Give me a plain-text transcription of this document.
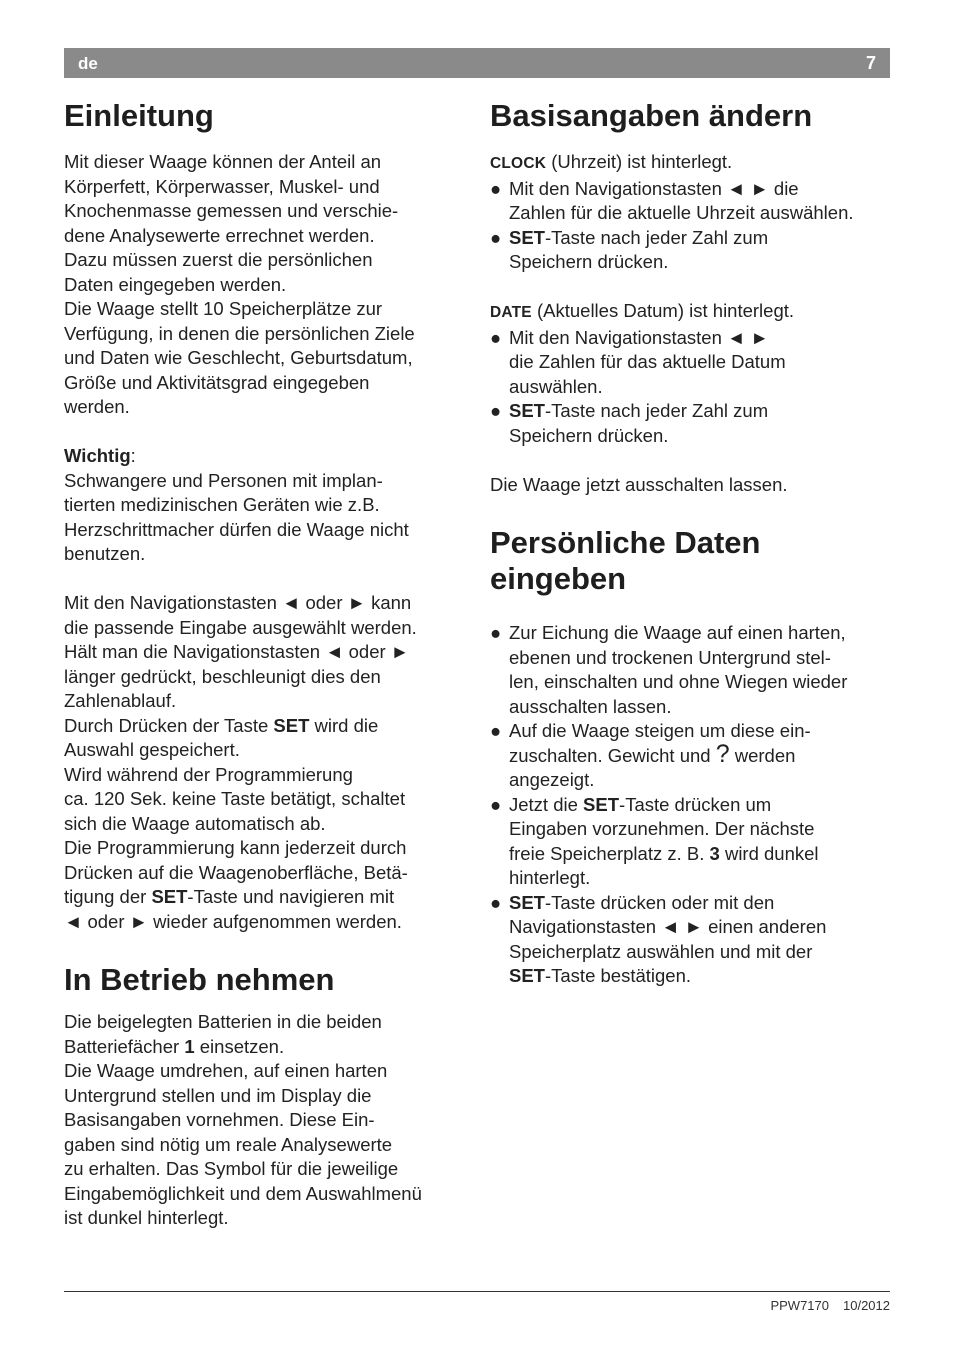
de	7
Einleitung

Mit dieser Waage können der Anteil an

Körperfett, Körperwasser, Muskel- und

Knochenmasse gemessen und verschie-

dene Analysewerte errechnet werden.

Dazu müssen zuerst die persönlichen

Daten eingegeben werden.

Die Waage stellt 10 Speicherplätze zur

Verfügung, in denen die persönlichen Ziele

und Daten wie Geschlecht, Geburtsdatum,

Größe und Aktivitätsgrad eingegeben

werden.

Wichtig:

Schwangere und Personen mit implan-

tierten medizinischen Geräten wie z.B.

Herzschrittmacher dürfen die Waage nicht

benutzen.

Mit den Navigationstasten ◄ oder ► kann

die passende Eingabe ausgewählt werden.

Hält man die Navigationstasten ◄ oder ►

länger gedrückt, beschleunigt dies den

Zahlenablauf.

Durch Drücken der Taste SET wird die

Auswahl gespeichert.

Wird während der Programmierung

ca. 120 Sek. keine Taste betätigt, schaltet

sich die Waage automatisch ab.

Die Programmierung kann jederzeit durch

Drücken auf die Waagenoberfläche, Betä-

tigung der SET-Taste und navigieren mit

◄ oder ► wieder aufgenommen werden.

In Betrieb nehmen

Die beigelegten Batterien in die beiden

Batteriefächer 1 einsetzen.

Die Waage umdrehen, auf einen harten

Untergrund stellen und im Display die

Basisangaben vornehmen. Diese Ein-

gaben sind nötig um reale Analysewerte

zu erhalten. Das Symbol für die jeweilige

Eingabemöglichkeit und dem Auswahlmenü

ist dunkel hinterlegt.

Basisangaben ändern

CLOCK (Uhrzeit) ist hinterlegt.

● Mit den Navigationstasten ◄ ► die

Zahlen für die aktuelle Uhrzeit auswählen.

● SET-Taste nach jeder Zahl zum

Speichern drücken.

DATE (Aktuelles Datum) ist hinterlegt.

● Mit den Navigationstasten ◄ ►

die Zahlen für das aktuelle Datum

auswählen.

● SET-Taste nach jeder Zahl zum

Speichern drücken.

Die Waage jetzt ausschalten lassen.

Persönliche Daten
eingeben
● Zur Eichung die Waage auf einen harten,

ebenen und trockenen Untergrund stel-

len, einschalten und ohne Wiegen wieder

ausschalten lassen.

● Auf die Waage steigen um diese ein-

zuschalten. Gewicht und ? werden

angezeigt.

● Jetzt die SET-Taste drücken um

Eingaben vorzunehmen. Der nächste

freie Speicherplatz z. B. 3 wird dunkel

hinterlegt.

● SET-Taste drücken oder mit den

Navigationstasten ◄ ► einen anderen

Speicherplatz auswählen und mit der

SET-Taste bestätigen.

PPW7170 10/2012
